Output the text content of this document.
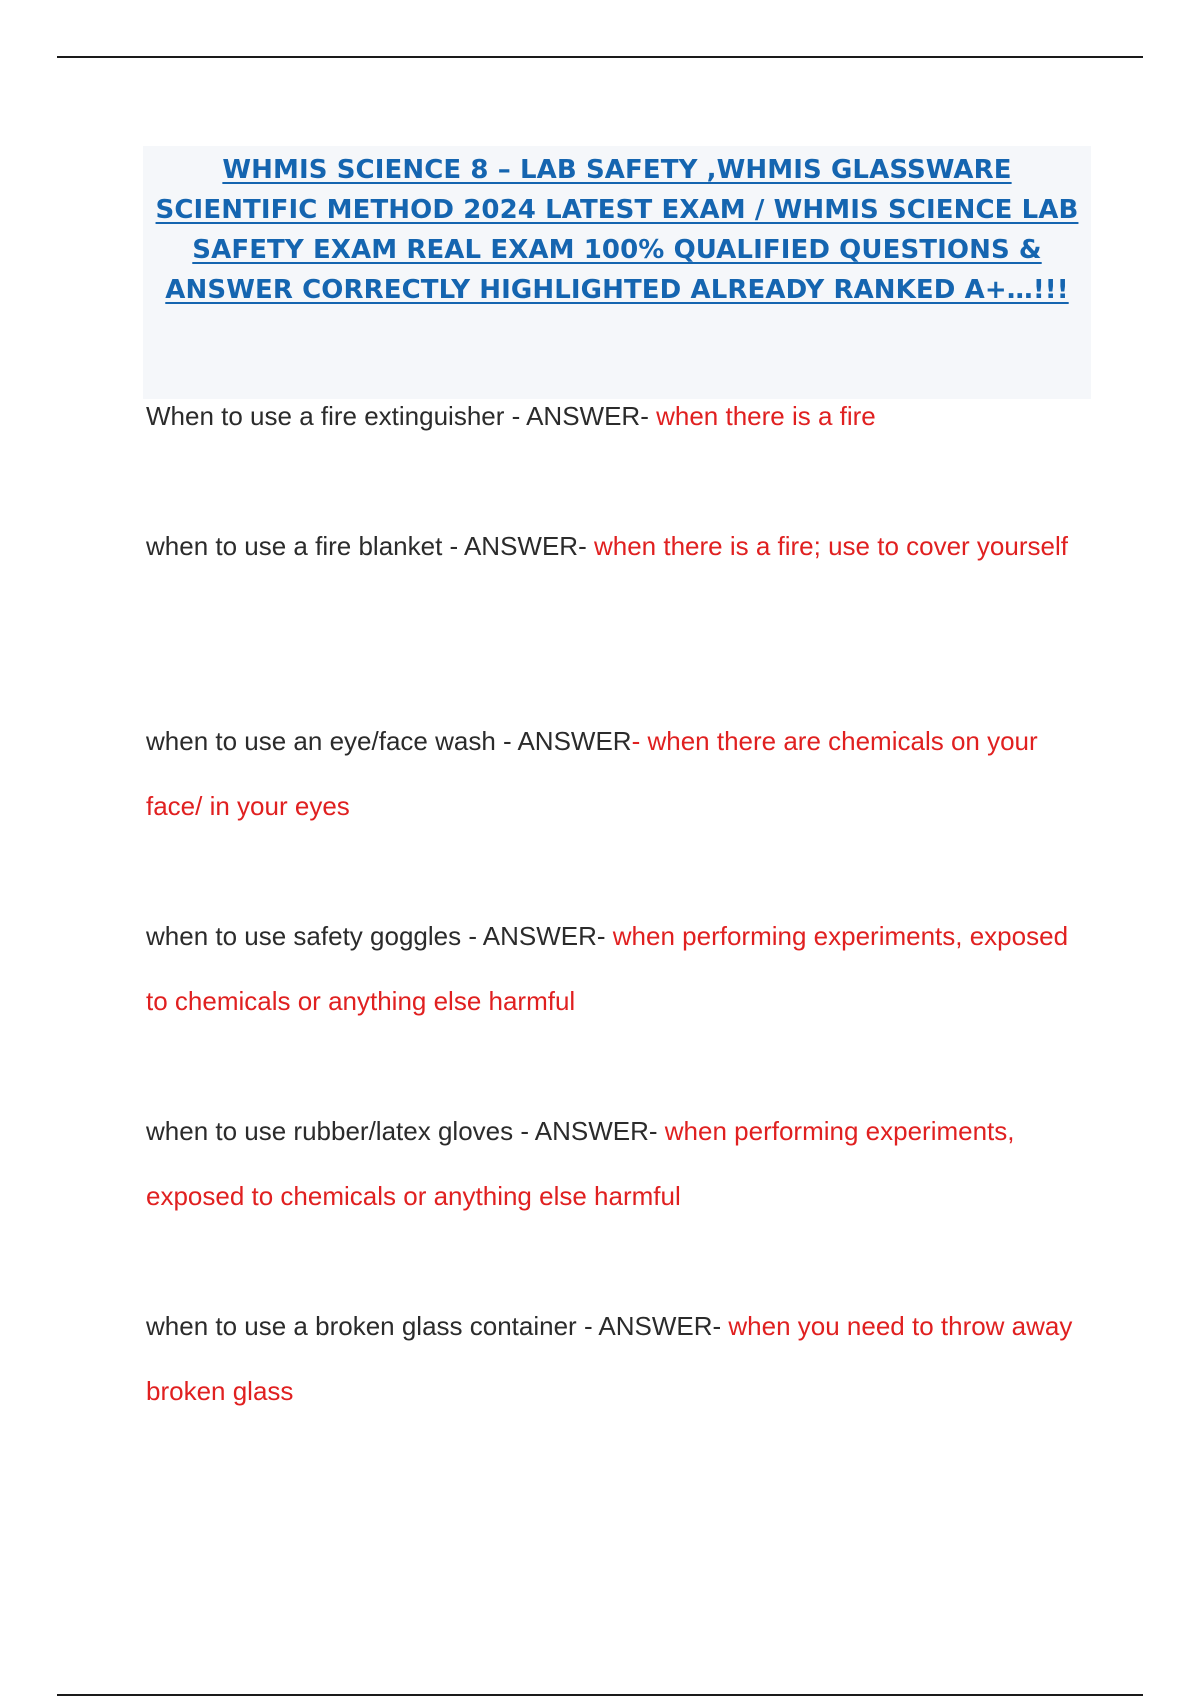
WHMIS SCIENCE 8 – LAB SAFETY ,WHMIS GLASSWARE SCIENTIFIC METHOD 2024 LATEST EXAM / WHMIS SCIENCE LAB SAFETY EXAM REAL EXAM 100% QUALIFIED QUESTIONS & ANSWER CORRECTLY HIGHLIGHTED ALREADY RANKED A+…!!!

When to use a fire extinguisher - ANSWER- when there is a fire

when to use a fire blanket - ANSWER- when there is a fire; use to cover yourself

when to use an eye/face wash - ANSWER- when there are chemicals on your face/ in your eyes

when to use safety goggles - ANSWER- when performing experiments, exposed to chemicals or anything else harmful

when to use rubber/latex gloves - ANSWER- when performing experiments, exposed to chemicals or anything else harmful

when to use a broken glass container - ANSWER- when you need to throw away broken glass
